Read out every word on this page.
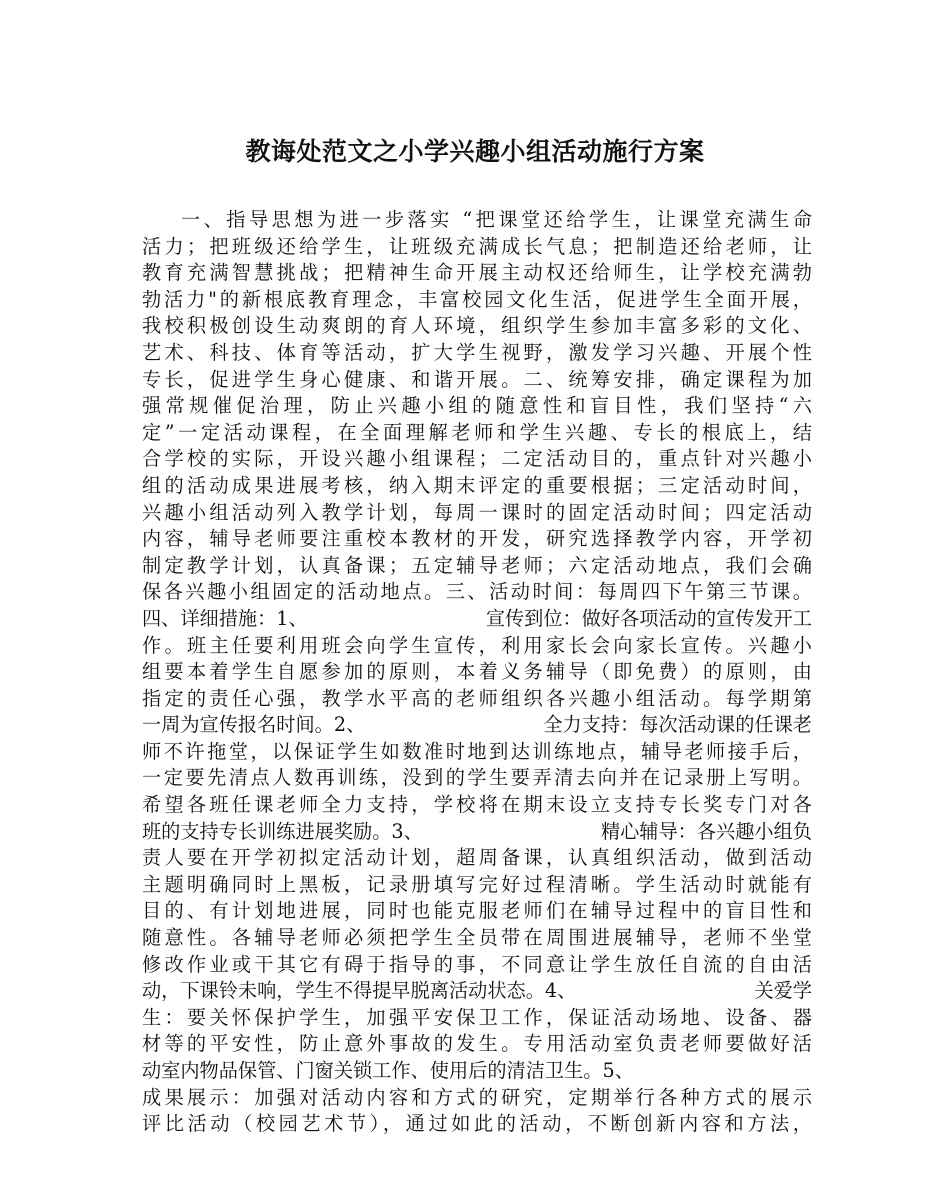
教诲处范文之小学兴趣小组活动施行方案
一、指导思想为进一步落实 “把课堂还给学生，让课堂充满生命
活力；把班级还给学生，让班级充满成长气息；把制造还给老师，让
教育充满智慧挑战；把精神生命开展主动权还给师生，让学校充满勃
勃活力"的新根底教育理念，丰富校园文化生活，促进学生全面开展，
我校积极创设生动爽朗的育人环境，组织学生参加丰富多彩的文化、
艺术、科技、体育等活动，扩大学生视野，激发学习兴趣、开展个性
专长，促进学生身心健康、和谐开展。二、统筹安排，确定课程为加
强常规催促治理，防止兴趣小组的随意性和盲目性，我们坚持“六
定”一定活动课程，在全面理解老师和学生兴趣、专长的根底上，结
合学校的实际，开设兴趣小组课程；二定活动目的，重点针对兴趣小
组的活动成果进展考核，纳入期末评定的重要根据；三定活动时间，
兴趣小组活动列入教学计划，每周一课时的固定活动时间；四定活动
内容，辅导老师要注重校本教材的开发，研究选择教学内容，开学初
制定教学计划，认真备课；五定辅导老师；六定活动地点，我们会确
保各兴趣小组固定的活动地点。三、活动时间：每周四下午第三节课。
四、详细措施：1、	宣传到位：做好各项活动的宣传发开工
作。班主任要利用班会向学生宣传，利用家长会向家长宣传。兴趣小
组要本着学生自愿参加的原则，本着义务辅导（即免费）的原则，由
指定的责任心强，教学水平高的老师组织各兴趣小组活动。每学期第
一周为宣传报名时间。2、	全力支持：每次活动课的任课老
师不许拖堂，以保证学生如数准时地到达训练地点，辅导老师接手后，
一定要先清点人数再训练，没到的学生要弄清去向并在记录册上写明。
希望各班任课老师全力支持，学校将在期末设立支持专长奖专门对各
班的支持专长训练进展奖励。3、	精心辅导：各兴趣小组负
责人要在开学初拟定活动计划，超周备课，认真组织活动，做到活动
主题明确同时上黑板，记录册填写完好过程清晰。学生活动时就能有
目的、有计划地进展，同时也能克服老师们在辅导过程中的盲目性和
随意性。各辅导老师必须把学生全员带在周围进展辅导，老师不坐堂
修改作业或干其它有碍于指导的事，不同意让学生放任自流的自由活
动，下课铃未响，学生不得提早脱离活动状态。4、	关爱学
生：要关怀保护学生，加强平安保卫工作，保证活动场地、设备、器
材等的平安性，防止意外事故的发生。专用活动室负责老师要做好活
动室内物品保管、门窗关锁工作、使用后的清洁卫生。5、
成果展示：加强对活动内容和方式的研究，定期举行各种方式的展示
评比活动（校园艺术节），通过如此的活动，不断创新内容和方法，
